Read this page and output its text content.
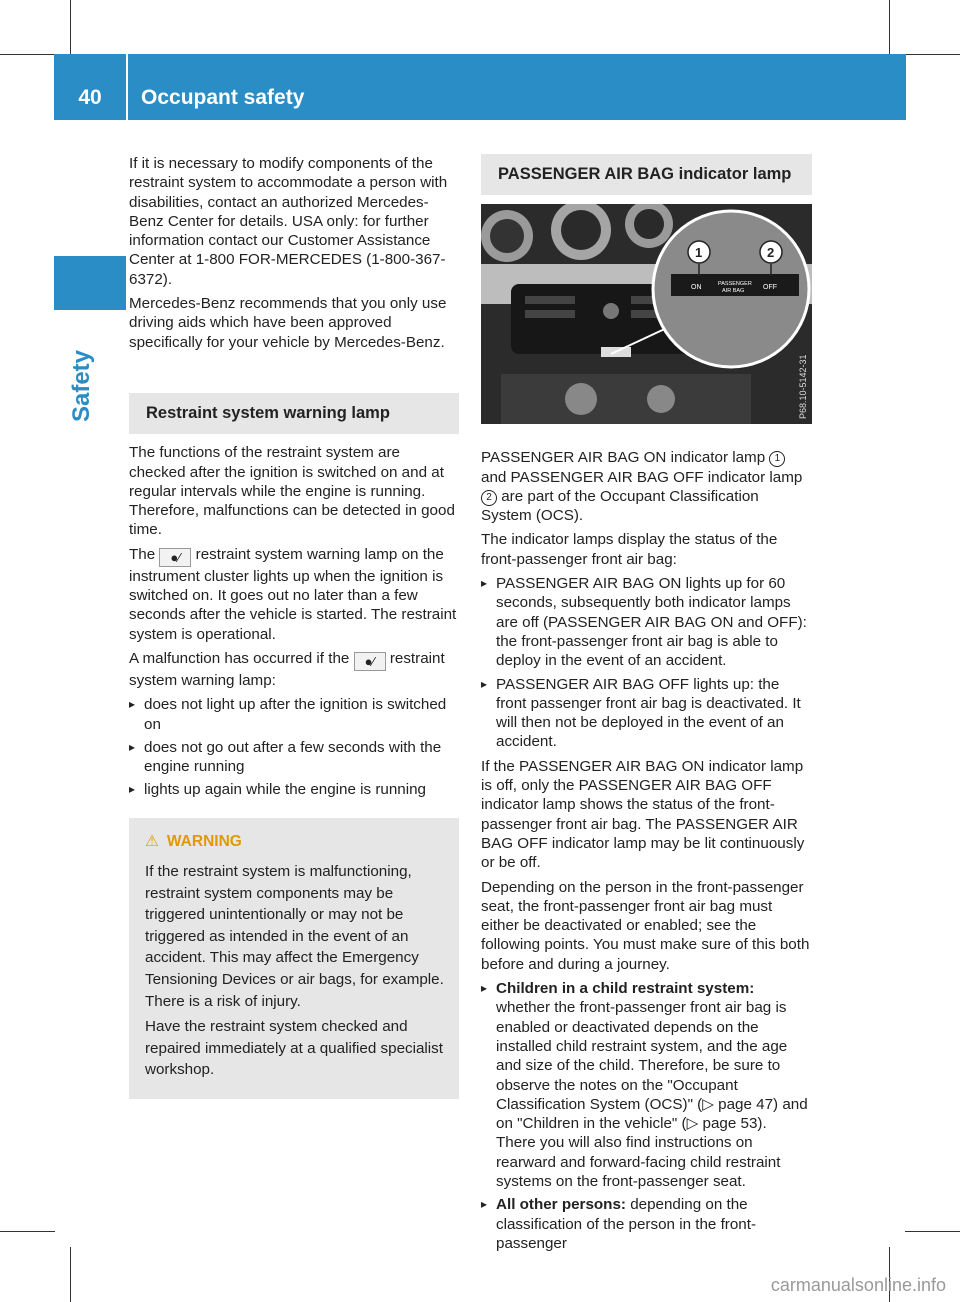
40	Occupant safety
Safety

If it is necessary to modify components of the restraint system to accommodate a person with disabilities, contact an authorized Mercedes-Benz Center for details. USA only: for further information contact our Customer Assistance Center at 1-800 FOR-MERCEDES (1-800-367-6372).

Mercedes-Benz recommends that you only use driving aids which have been approved specifically for your vehicle by Mercedes-Benz.

Restraint system warning lamp

The functions of the restraint system are checked after the ignition is switched on and at regular intervals while the engine is running. Therefore, malfunctions can be detected in good time.

The ●⁄ restraint system warning lamp on the instrument cluster lights up when the ignition is switched on. It goes out no later than a few seconds after the vehicle is started. The restraint system is operational.

A malfunction has occurred if the ●⁄ restraint system warning lamp:

▸ does not light up after the ignition is switched on
▸ does not go out after a few seconds with the engine running
▸ lights up again while the engine is running
⚠ WARNING

If the restraint system is malfunctioning, restraint system components may be triggered unintentionally or may not be triggered as intended in the event of an accident. This may affect the Emergency Tensioning Devices or air bags, for example. There is a risk of injury.

Have the restraint system checked and repaired immediately at a qualified specialist workshop.

PASSENGER AIR BAG indicator lamp
ON	PASSENGER
AIR BAG	OFF
1	2
P68.10-5142-31

PASSENGER AIR BAG ON indicator lamp 1 and PASSENGER AIR BAG OFF indicator lamp 2 are part of the Occupant Classification System (OCS).

The indicator lamps display the status of the front-passenger front air bag:

▸ PASSENGER AIR BAG ON lights up for 60 seconds, subsequently both indicator lamps are off (PASSENGER AIR BAG ON and OFF): the front-passenger front air bag is able to deploy in the event of an accident.
▸ PASSENGER AIR BAG OFF lights up: the front passenger front air bag is deactivated. It will then not be deployed in the event of an accident.

If the PASSENGER AIR BAG ON indicator lamp is off, only the PASSENGER AIR BAG OFF indicator lamp shows the status of the front-passenger front air bag. The PASSENGER AIR BAG OFF indicator lamp may be lit continuously or be off.

Depending on the person in the front-passenger seat, the front-passenger front air bag must either be deactivated or enabled; see the following points. You must make sure of this both before and during a journey.

▸ Children in a child restraint system: whether the front-passenger front air bag is enabled or deactivated depends on the installed child restraint system, and the age and size of the child. Therefore, be sure to observe the notes on the "Occupant Classification System (OCS)" (▷ page 47) and on "Children in the vehicle" (▷ page 53).
There you will also find instructions on rearward and forward-facing child restraint systems on the front-passenger seat.
▸ All other persons: depending on the classification of the person in the front-passenger
carmanualsonline.info
